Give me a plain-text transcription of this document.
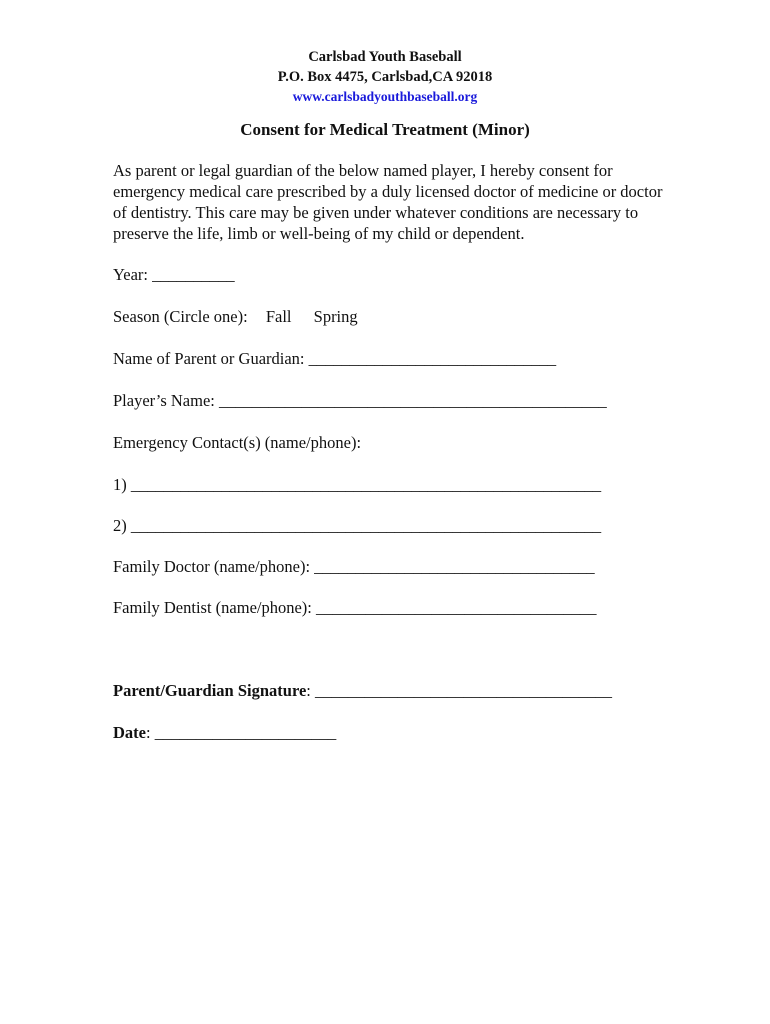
Carlsbad Youth Baseball
P.O. Box 4475, Carlsbad,CA 92018
www.carlsbadyouthbaseball.org
Consent for Medical Treatment (Minor)

As parent or legal guardian of the below named player, I hereby consent for emergency medical care prescribed by a duly licensed doctor of medicine or doctor of dentistry. This care may be given under whatever conditions are necessary to preserve the life, limb or well-being of my child or dependent.

Year: __________
Season (Circle one): Fall Spring
Name of Parent or Guardian: ______________________________
Player’s Name: _______________________________________________
Emergency Contact(s) (name/phone):
1) _________________________________________________________
2) _________________________________________________________
Family Doctor (name/phone): __________________________________
Family Dentist (name/phone): __________________________________
Parent/Guardian Signature: ____________________________________
Date: ______________________
